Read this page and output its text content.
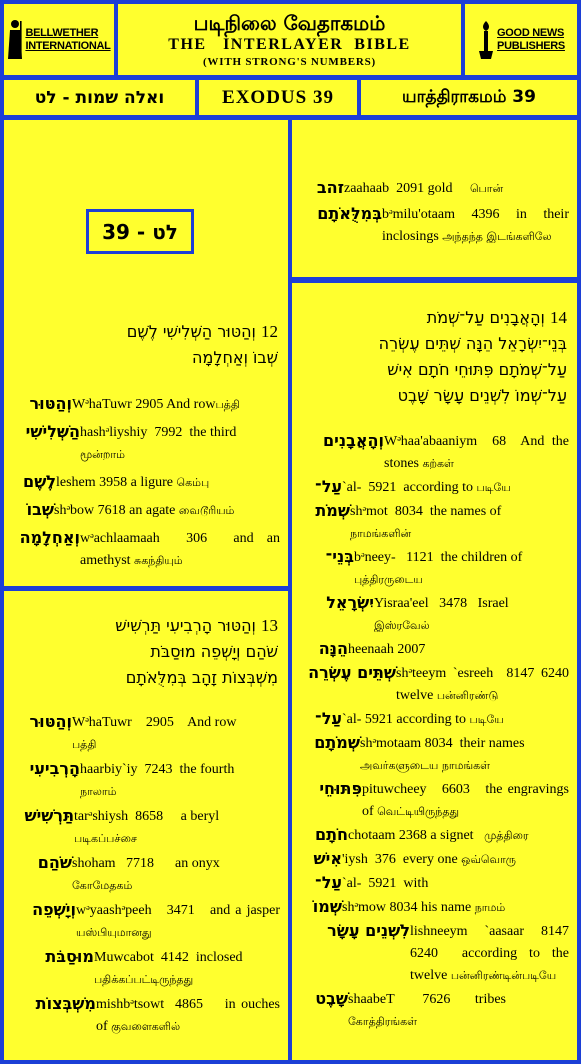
BELLWETHER
INTERNATIONAL
படிநிலை வேதாகமம்
THE   INTERLAYER  BIBLE
(WITH STRONG'S NUMBERS)
GOOD NEWS
PUBLISHERS
ואלה שמות - לט	EXODUS 39	யாத்திராகமம் 39
12 וְהַטּוּר הַשְּׁלִישִׁי לֶשֶׁם
שְׁבוֹ וְאַחְלָמָה
וְהַטּוּר WᵊhaTuwr 2905 And rowபத்தி
הַשְּׁלִישִׁי hashᵊliyshiy  7992  the third
மூன்றாம்
לֶשֶׁם leshem 3958 a ligure கெம்பு
שְׁבוֹ shᵊbow 7618 an agate வைடூரியம்
וְאַחְלָמָה wᵊachlaamaah  306  and an amethyst சுகந்தியும்
39 - לט
זהב zaahaab  2091 gold பொன்
בְּמִלֻּאֹתָם bᵊmilu'otaam  4396  in  their inclosings அந்தந்த இடங்களிலே
13 וְהַטּוּר הָרְבִיעִי תַּרְשִׁישׁ
שֹׁהַם וְיָשְׁפֵה מוּסַבֹּת
מִשְׁבְּצוֹת זָהָב בְּמִלֻּאֹתָם
וְהַטּוּר WᵊhaTuwr    2905    And row
பத்தி
הָרְבִיעִי haarbiy`iy  7243  the fourth
நாலாம்
תַּרְשִׁישׁ tarᵊshiysh  8658     a beryl
படிகப்பச்சை
שֹׁהַם shoham   7718      an onyx
கோமேதகம்
וְיָשְׁפֵה wᵊyaashᵊpeeh   3471   and a jasper யஸ்பியுமானது
מוּסַבֹּת Muwcabot  4142  inclosed
பதிக்கப்பட்டிருந்தது
מִשְׁבְּצוֹת mishbᵊtsowt  4865    in ouches of குவளைகளில்
14 וְהָאֲבָנִים עַל־שְׁמֹת
בְּנֵי־יִשְׂרָאֵל הֵנָּה שְׁתֵּים עֶשְׂרֵה
עַל־שְׁמֹתָם פִּתּוּחֵי חֹתָם אִישׁ
עַל־שְׁמוֹ לִשְׁנֵים עָשָׂר שָׁבֶט
וְהָאֲבָנִים Wᵊhaa'abaaniym  68  And the stones கற்கள்
עַל־ `al-  5921  according to படியே
שְׁמֹת shᵊmot  8034  the names of
நாமங்களின்
בְּנֵי־ bᵊneey-   1121  the children of
புத்திரருடைய
יִשְׂרָאֵל Yisraa'eel   3478   Israel
இஸ்ரவேல்
הֵנָּה heenaah 2007
שְׁתֵּים עֶשְׂרֵה shᵊteeym `esreeh  8147 6240  twelve பன்னிரண்டு
עַל־ `al- 5921 according to படியே
שְׁמֹתָם shᵊmotaam 8034  their names
அவர்களுடைய நாமங்கள்
פִּתּוּחֵי pituwcheey   6603   the engravings of வெட்டியிருந்தது
חֹתָם chotaam 2368 a signet முத்திரை
אִישׁ 'iysh  376  every one ஒவ்வொரு
עַל־ `al-  5921  with
שְׁמוֹ shᵊmow 8034 his name நாமம்
לִשְׁנֵים עָשָׂר lishneeym `aasaar 8147 6240  according to the twelve பன்னிரண்டின்படியே
שָׁבֶט shaabeT        7626       tribes
கோத்திரங்கள்
